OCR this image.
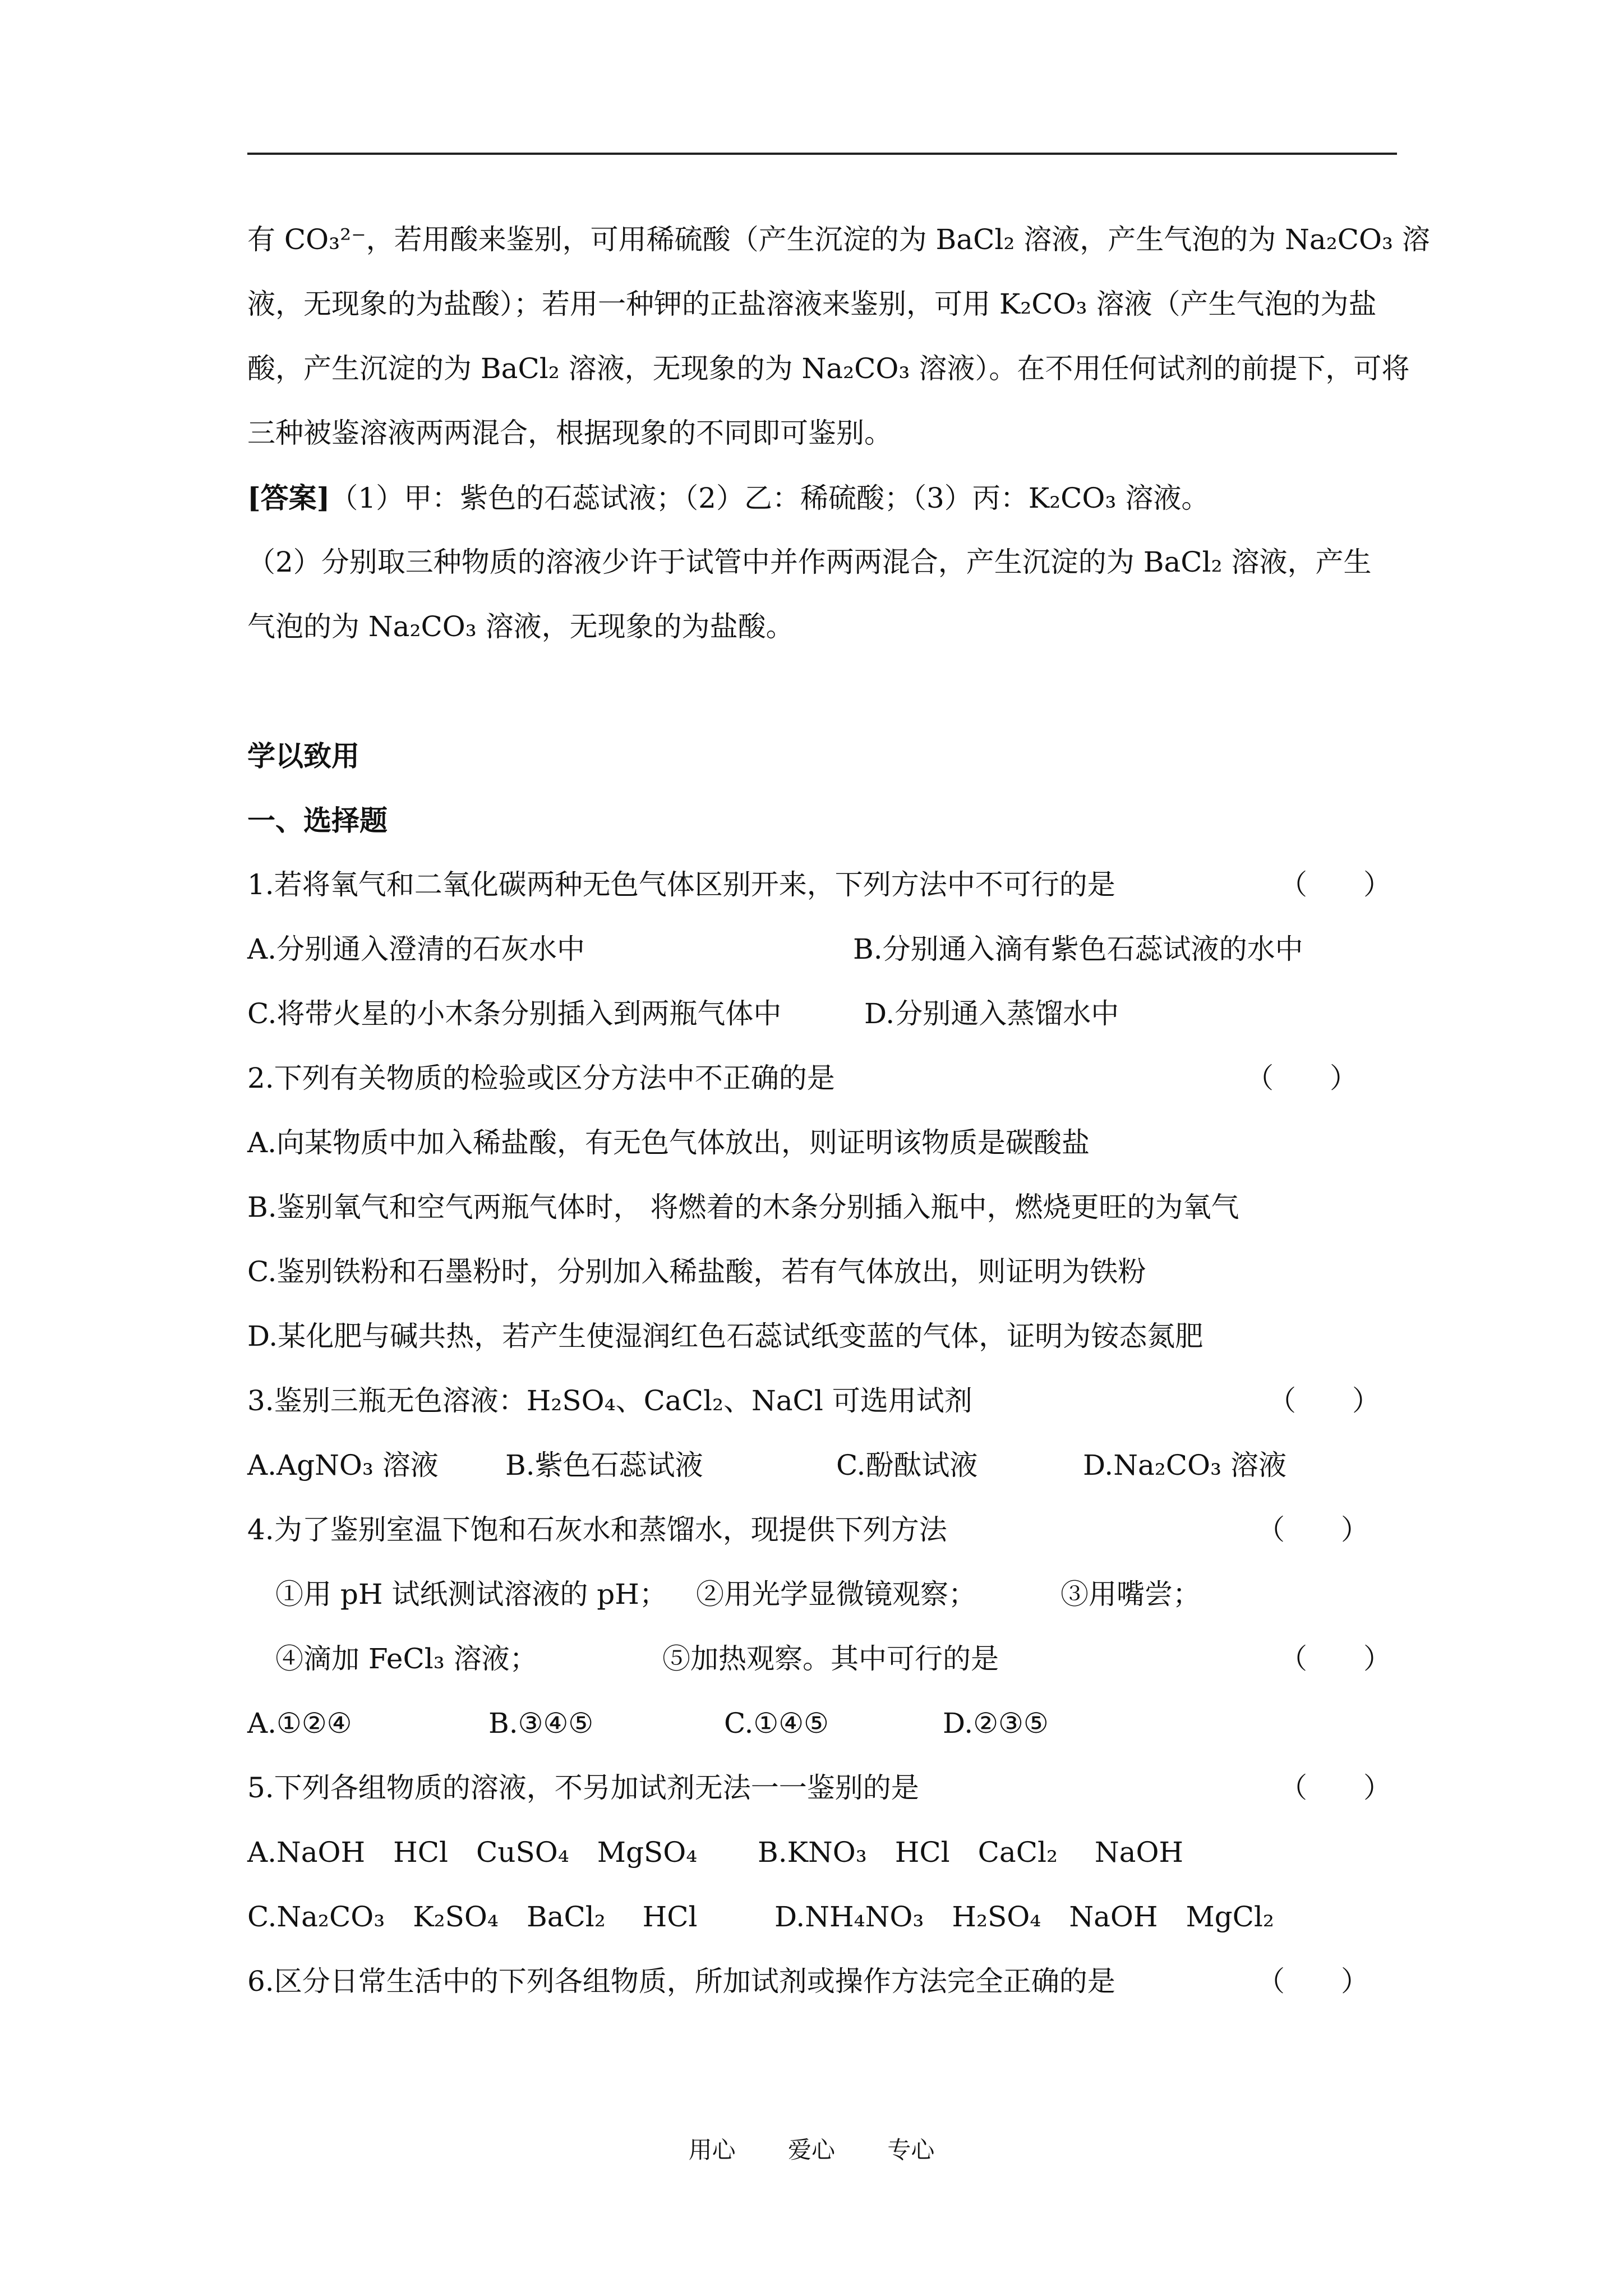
有 CO₃²⁻，若用酸来鉴别，可用稀硫酸（产生沉淀的为 BaCl₂ 溶液，产生气泡的为 Na₂CO₃ 溶
液，无现象的为盐酸）；若用一种钾的正盐溶液来鉴别，可用 K₂CO₃ 溶液（产生气泡的为盐
酸，产生沉淀的为 BaCl₂ 溶液，无现象的为 Na₂CO₃ 溶液）。在不用任何试剂的前提下，可将
三种被鉴溶液两两混合，根据现象的不同即可鉴别。
[答案]（1）甲：紫色的石蕊试液；（2）乙：稀硫酸；（3）丙：K₂CO₃ 溶液。
（2）分别取三种物质的溶液少许于试管中并作两两混合，产生沉淀的为 BaCl₂ 溶液，产生
气泡的为 Na₂CO₃ 溶液，无现象的为盐酸。
学以致用
一、选择题
1.若将氧气和二氧化碳两种无色气体区别开来，下列方法中不可行的是	（　　）
A.分别通入澄清的石灰水中	B.分别通入滴有紫色石蕊试液的水中
C.将带火星的小木条分别插入到两瓶气体中	D.分别通入蒸馏水中
2.下列有关物质的检验或区分方法中不正确的是	（　　）
A.向某物质中加入稀盐酸，有无色气体放出，则证明该物质是碳酸盐
B.鉴别氧气和空气两瓶气体时， 将燃着的木条分别插入瓶中，燃烧更旺的为氧气
C.鉴别铁粉和石墨粉时，分别加入稀盐酸，若有气体放出，则证明为铁粉
D.某化肥与碱共热，若产生使湿润红色石蕊试纸变蓝的气体，证明为铵态氮肥
3.鉴别三瓶无色溶液：H₂SO₄、CaCl₂、NaCl 可选用试剂	（　　）
A.AgNO₃ 溶液 B.紫色石蕊试液	C.酚酞试液	D.Na₂CO₃ 溶液
4.为了鉴别室温下饱和石灰水和蒸馏水，现提供下列方法	（　　）
①用 pH 试纸测试溶液的 pH； ②用光学显微镜观察；	③用嘴尝；
④滴加 FeCl₃ 溶液；	⑤加热观察。其中可行的是	（　　）
A.①②④	B.③④⑤	C.①④⑤	D.②③⑤
5.下列各组物质的溶液，不另加试剂无法一一鉴别的是	（　　）
A.NaOH　HCl　CuSO₄　MgSO₄ B.KNO₃　HCl　CaCl₂　 NaOH
C.Na₂CO₃　K₂SO₄　BaCl₂　 HCl	D.NH₄NO₃　H₂SO₄　NaOH　MgCl₂
6.区分日常生活中的下列各组物质，所加试剂或操作方法完全正确的是	（　　）
用心 爱心 专心
